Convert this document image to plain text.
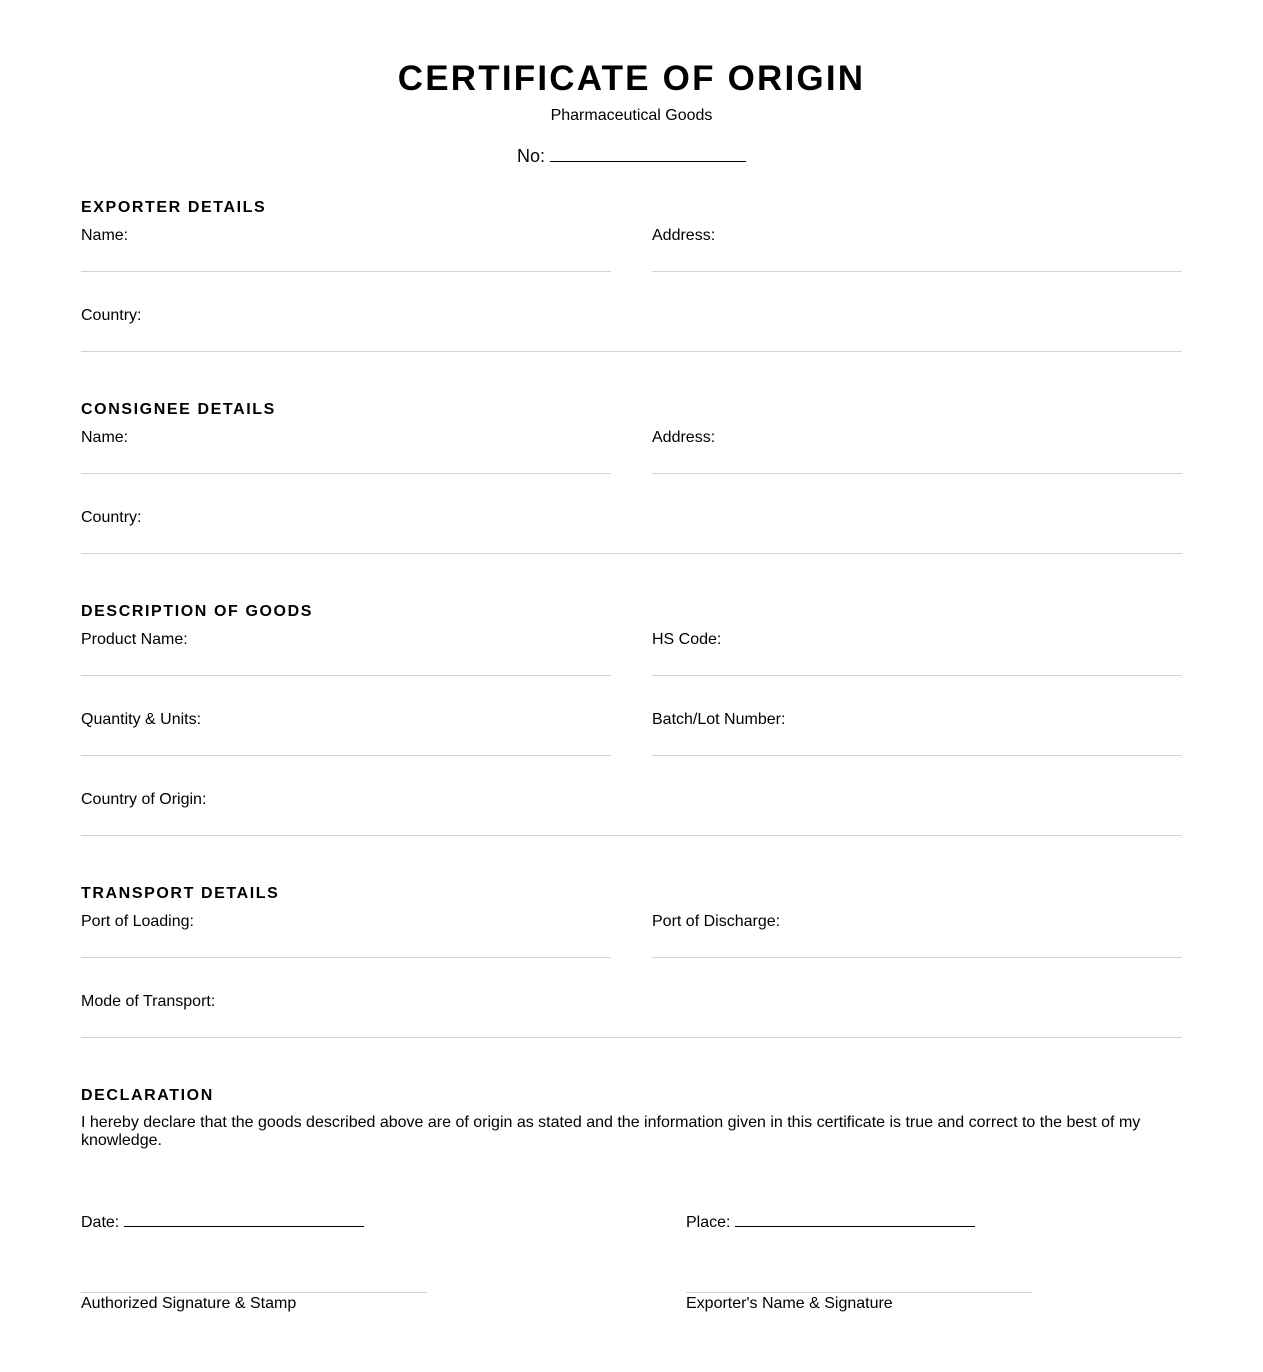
CERTIFICATE OF ORIGIN
Pharmaceutical Goods
No:
EXPORTER DETAILS
Name:	Address:
Country:
CONSIGNEE DETAILS
Name:	Address:
Country:
DESCRIPTION OF GOODS
Product Name:	HS Code:
Quantity & Units:	Batch/Lot Number:
Country of Origin:
TRANSPORT DETAILS
Port of Loading:	Port of Discharge:
Mode of Transport:
DECLARATION
I hereby declare that the goods described above are of origin as stated and the information given in this certificate is true and correct to the best of my knowledge.
Date:	Place:
Authorized Signature & Stamp	Exporter's Name & Signature
